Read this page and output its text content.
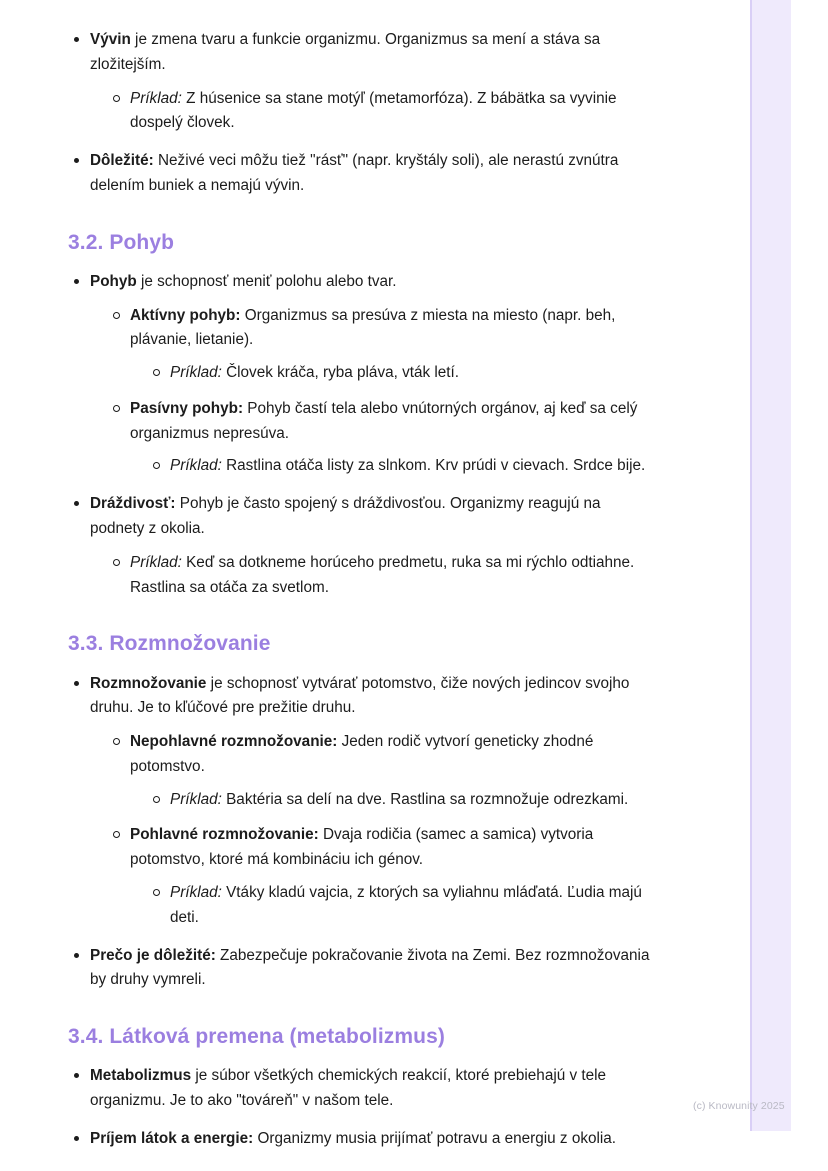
Vývin je zmena tvaru a funkcie organizmu. Organizmus sa mení a stáva sa zložitejším.
Príklad: Z húsenice sa stane motýľ (metamorfóza). Z bábätka sa vyvinie dospelý človek.
Dôležité: Neživé veci môžu tiež "rásť" (napr. kryštály soli), ale nerastú zvnútra delením buniek a nemajú vývin.
3.2. Pohyb
Pohyb je schopnosť meniť polohu alebo tvar.
Aktívny pohyb: Organizmus sa presúva z miesta na miesto (napr. beh, plávanie, lietanie).
Príklad: Človek kráča, ryba pláva, vták letí.
Pasívny pohyb: Pohyb častí tela alebo vnútorných orgánov, aj keď sa celý organizmus nepresúva.
Príklad: Rastlina otáča listy za slnkom. Krv prúdi v cievach. Srdce bije.
Dráždivosť: Pohyb je často spojený s dráždivosťou. Organizmy reagujú na podnety z okolia.
Príklad: Keď sa dotkneme horúceho predmetu, ruka sa mi rýchlo odtiahne. Rastlina sa otáča za svetlom.
3.3. Rozmnožovanie
Rozmnožovanie je schopnosť vytvárať potomstvo, čiže nových jedincov svojho druhu. Je to kľúčové pre prežitie druhu.
Nepohlavné rozmnožovanie: Jeden rodič vytvorí geneticky zhodné potomstvo.
Príklad: Baktéria sa delí na dve. Rastlina sa rozmnožuje odrezkami.
Pohlavné rozmnožovanie: Dvaja rodičia (samec a samica) vytvoria potomstvo, ktoré má kombináciu ich génov.
Príklad: Vtáky kladú vajcia, z ktorých sa vyliahnu mláďatá. Ľudia majú deti.
Prečo je dôležité: Zabezpečuje pokračovanie života na Zemi. Bez rozmnožovania by druhy vymreli.
3.4. Látková premena (metabolizmus)
Metabolizmus je súbor všetkých chemických reakcií, ktoré prebiehajú v tele organizmu. Je to ako "továreň" v našom tele.
Príjem látok a energie: Organizmy musia prijímať potravu a energiu z okolia.
(c) Knowunity 2025
